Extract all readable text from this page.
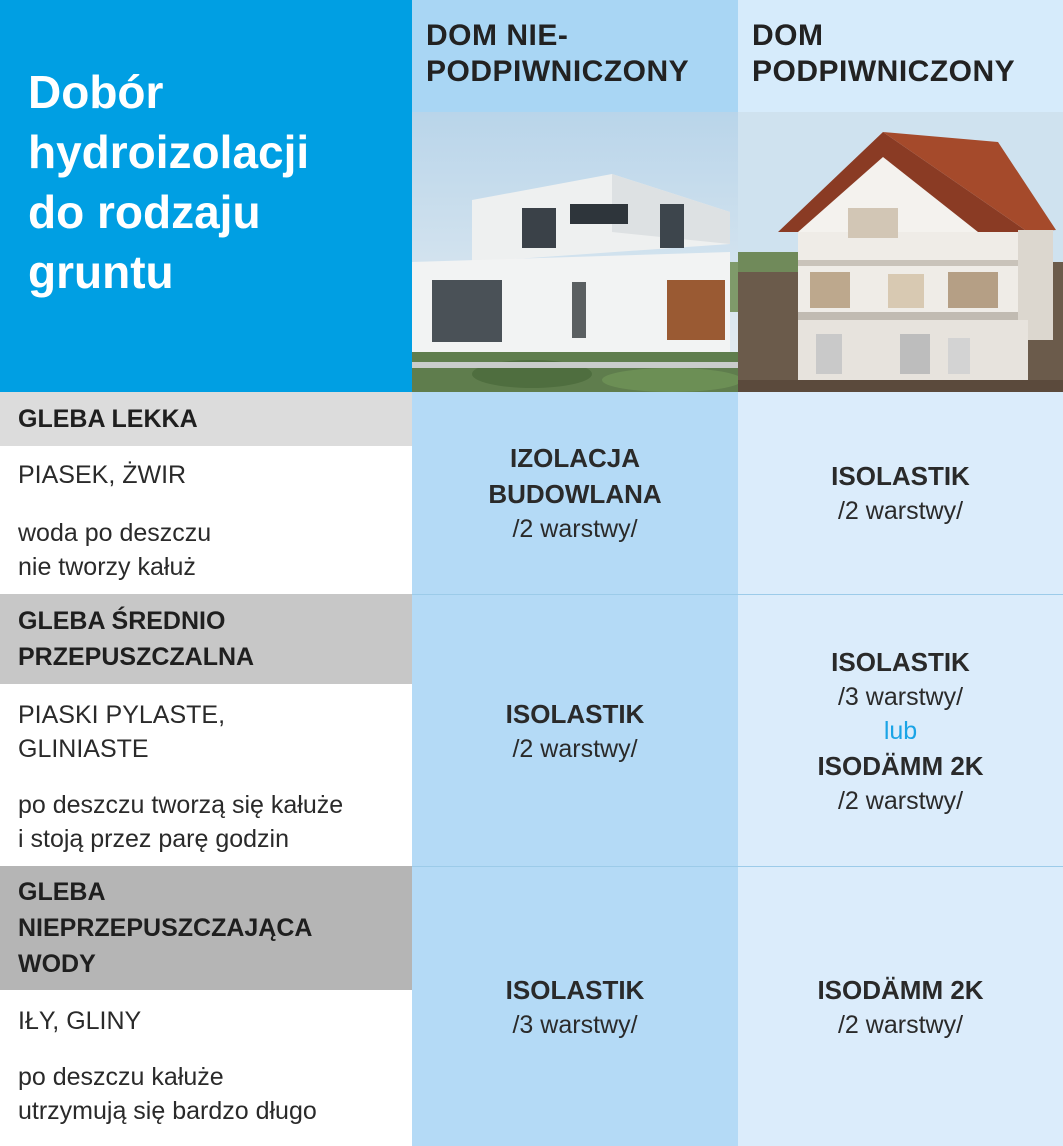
Dobór
hydroizolacji
do rodzaju
gruntu
DOM NIE-
PODPIWNICZONY
DOM
PODPIWNICZONY
GLEBA LEKKA
PIASEK, ŻWIR
woda po deszczu
nie tworzy kałuż
IZOLACJA
BUDOWLANA
/2 warstwy/
ISOLASTIK
/2 warstwy/
GLEBA ŚREDNIO
PRZEPUSZCZALNA
PIASKI PYLASTE,
GLINIASTE
po deszczu tworzą się kałuże
i stoją przez parę godzin
ISOLASTIK
/2 warstwy/
ISOLASTIK
/3 warstwy/
lub
ISODÄMM 2K
/2 warstwy/
GLEBA
NIEPRZEPUSZCZAJĄCA
WODY
IŁY, GLINY
po deszczu kałuże
utrzymują się bardzo długo
ISOLASTIK
/3 warstwy/
ISODÄMM 2K
/2 warstwy/
